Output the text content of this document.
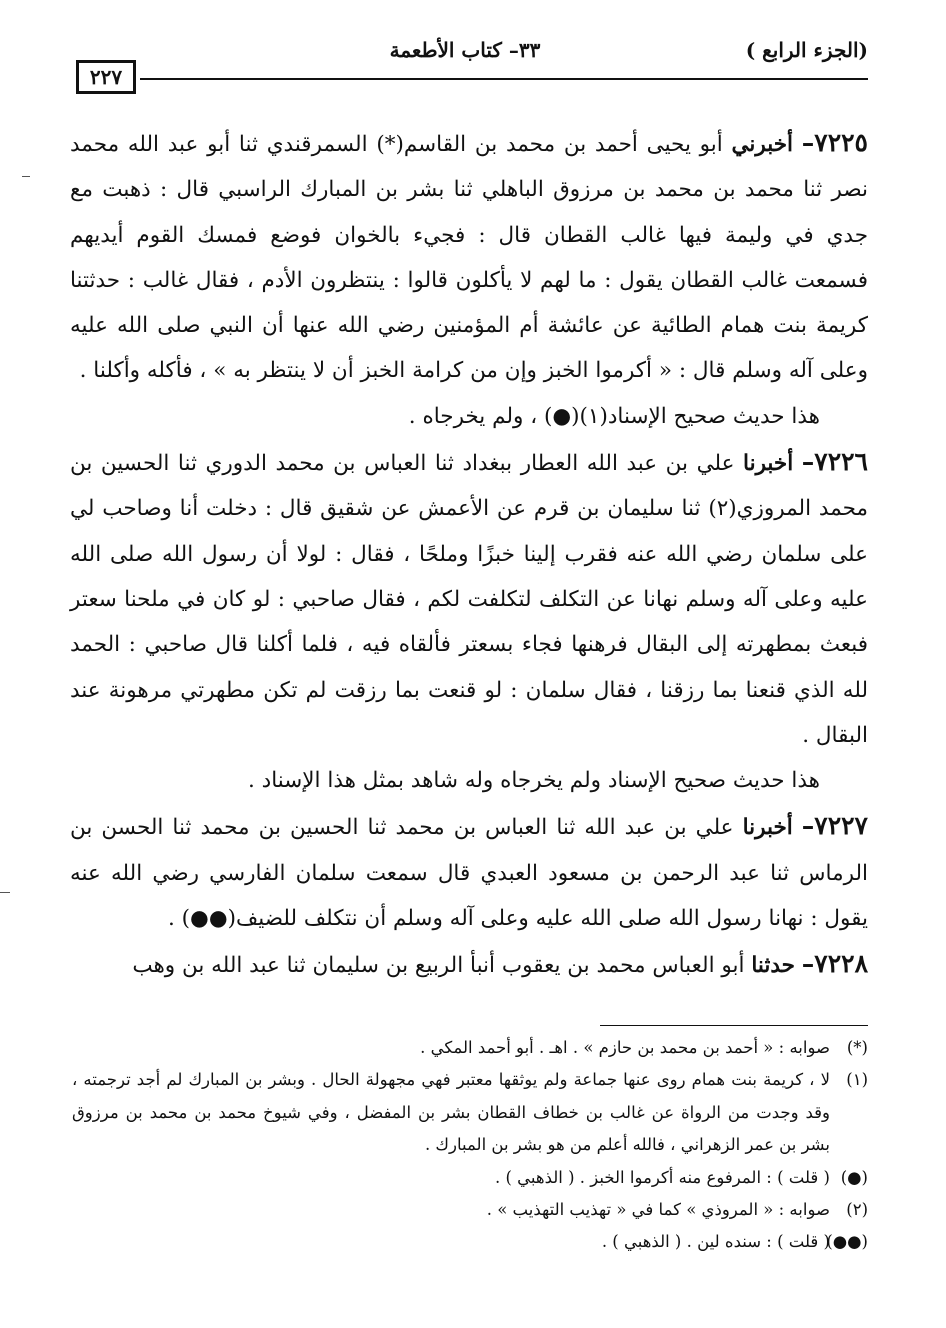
٣٣– كتاب الأطعمة	(الجزء الرابع )
٢٢٧

٧٢٢٥– أخبرني أبو يحيى أحمد بن محمد بن القاسم(*) السمرقندي ثنا أبو عبد الله محمد نصر ثنا محمد بن محمد بن مرزوق الباهلي ثنا بشر بن المبارك الراسبي قال : ذهبت مع جدي في وليمة فيها غالب القطان قال : فجيء بالخوان فوضع فمسك القوم أيديهم فسمعت غالب القطان يقول : ما لهم لا يأكلون قالوا : ينتظرون الأدم ، فقال غالب : حدثتنا كريمة بنت همام الطائية عن عائشة أم المؤمنين رضي الله عنها أن النبي صلى الله عليه وعلى آله وسلم قال : « أكرموا الخبز وإن من كرامة الخبز أن لا ينتظر به » ، فأكله وأكلنا .

هذا حديث صحيح الإسناد(١)(●) ، ولم يخرجاه .

٧٢٢٦– أخبرنا علي بن عبد الله العطار ببغداد ثنا العباس بن محمد الدوري ثنا الحسين بن محمد المروزي(٢) ثنا سليمان بن قرم عن الأعمش عن شقيق قال : دخلت أنا وصاحب لي على سلمان رضي الله عنه فقرب إلينا خبزًا وملحًا ، فقال : لولا أن رسول الله صلى الله عليه وعلى آله وسلم نهانا عن التكلف لتكلفت لكم ، فقال صاحبي : لو كان في ملحنا سعتر فبعث بمطهرته إلى البقال فرهنها فجاء بسعتر فألقاه فيه ، فلما أكلنا قال صاحبي : الحمد لله الذي قنعنا بما رزقنا ، فقال سلمان : لو قنعت بما رزقت لم تكن مطهرتي مرهونة عند البقال .

هذا حديث صحيح الإسناد ولم يخرجاه وله شاهد بمثل هذا الإسناد .

٧٢٢٧– أخبرنا علي بن عبد الله ثنا العباس بن محمد ثنا الحسين بن محمد ثنا الحسن بن الرماس ثنا عبد الرحمن بن مسعود العبدي قال سمعت سلمان الفارسي رضي الله عنه يقول : نهانا رسول الله صلى الله عليه وعلى آله وسلم أن نتكلف للضيف(●●) .

٧٢٢٨– حدثنا أبو العباس محمد بن يعقوب أنبأ الربيع بن سليمان ثنا عبد الله بن وهب

(*)صوابه : « أحمد بن محمد بن حازم » . اهـ . أبو أحمد المكي .

(١)لا ، كريمة بنت همام روى عنها جماعة ولم يوثقها معتبر فهي مجهولة الحال . وبشر بن المبارك لم أجد ترجمته ، وقد وجدت من الرواة عن غالب بن خطاف القطان بشر بن المفضل ، وفي شيوخ محمد بن محمد بن مرزوق بشر بن عمر الزهراني ، فالله أعلم من هو بشر بن المبارك .

(●)( قلت ) : المرفوع منه أكرموا الخبز . ( الذهبي ) .

(٢)صوابه : « المروذي » كما في « تهذيب التهذيب » .

(●●)( قلت ) : سنده لين . ( الذهبي ) .
